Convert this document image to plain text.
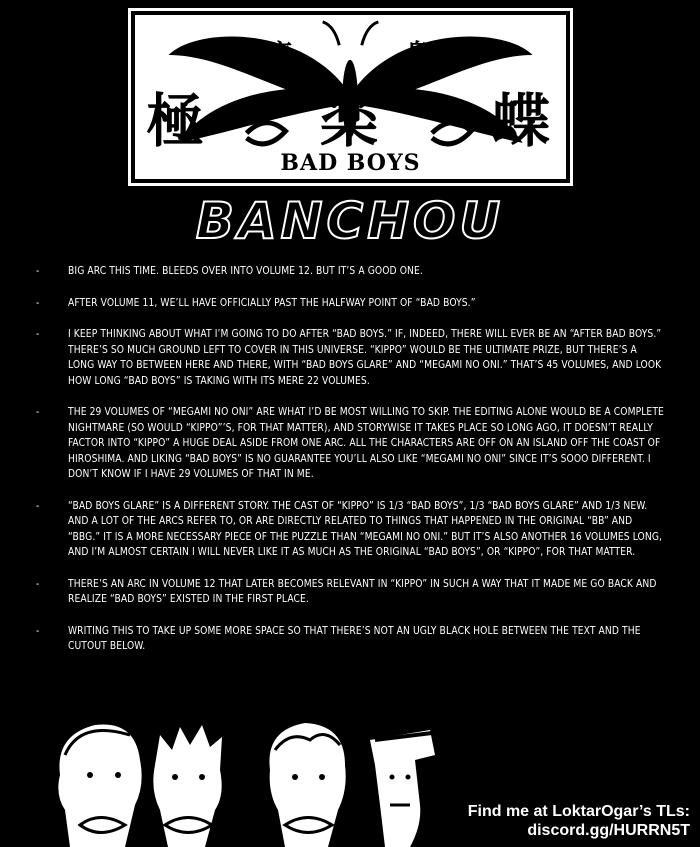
廣	島
極 楽 蝶
BAD BOYS
BANCHOU
-	BIG ARC THIS TIME. BLEEDS OVER INTO VOLUME 12. BUT IT’S A GOOD ONE.
-	AFTER VOLUME 11, WE’LL HAVE OFFICIALLY PAST THE HALFWAY POINT OF “BAD BOYS.”
-	I KEEP THINKING ABOUT WHAT I’M GOING TO DO AFTER “BAD BOYS.” IF, INDEED, THERE WILL EVER BE AN “AFTER BAD BOYS.” THERE’S SO MUCH GROUND LEFT TO COVER IN THIS UNIVERSE. “KIPPO” WOULD BE THE ULTIMATE PRIZE, BUT THERE’S A LONG WAY TO BETWEEN HERE AND THERE, WITH “BAD BOYS GLARE” AND “MEGAMI NO ONI.” THAT’S 45 VOLUMES, AND LOOK HOW LONG “BAD BOYS” IS TAKING WITH ITS MERE 22 VOLUMES.
-	THE 29 VOLUMES OF “MEGAMI NO ONI” ARE WHAT I’D BE MOST WILLING TO SKIP. THE EDITING ALONE WOULD BE A COMPLETE NIGHTMARE (SO WOULD “KIPPO”’S, FOR THAT MATTER), AND STORYWISE IT TAKES PLACE SO LONG AGO, IT DOESN’T REALLY FACTOR INTO “KIPPO” A HUGE DEAL ASIDE FROM ONE ARC. ALL THE CHARACTERS ARE OFF ON AN ISLAND OFF THE COAST OF HIROSHIMA. AND LIKING “BAD BOYS” IS NO GUARANTEE YOU’LL ALSO LIKE “MEGAMI NO ONI” SINCE IT’S SOOO DIFFERENT. I DON’T KNOW IF I HAVE 29 VOLUMES OF THAT IN ME.
-	“BAD BOYS GLARE” IS A DIFFERENT STORY. THE CAST OF “KIPPO” IS 1/3 “BAD BOYS”, 1/3 “BAD BOYS GLARE” AND 1/3 NEW. AND A LOT OF THE ARCS REFER TO, OR ARE DIRECTLY RELATED TO THINGS THAT HAPPENED IN THE ORIGINAL “BB” AND “BBG.” IT IS A MORE NECESSARY PIECE OF THE PUZZLE THAN “MEGAMI NO ONI.” BUT IT’S ALSO ANOTHER 16 VOLUMES LONG, AND I’M ALMOST CERTAIN I WILL NEVER LIKE IT AS MUCH AS THE ORIGINAL “BAD BOYS”, OR “KIPPO”, FOR THAT MATTER.
-	THERE’S AN ARC IN VOLUME 12 THAT LATER BECOMES RELEVANT IN “KIPPO” IN SUCH A WAY THAT IT MADE ME GO BACK AND REALIZE “BAD BOYS” EXISTED IN THE FIRST PLACE.
-	WRITING THIS TO TAKE UP SOME MORE SPACE SO THAT THERE’S NOT AN UGLY BLACK HOLE BETWEEN THE TEXT AND THE CUTOUT BELOW.
Find me at LoktarOgar’s TLs:
discord.gg/HURRN5T
